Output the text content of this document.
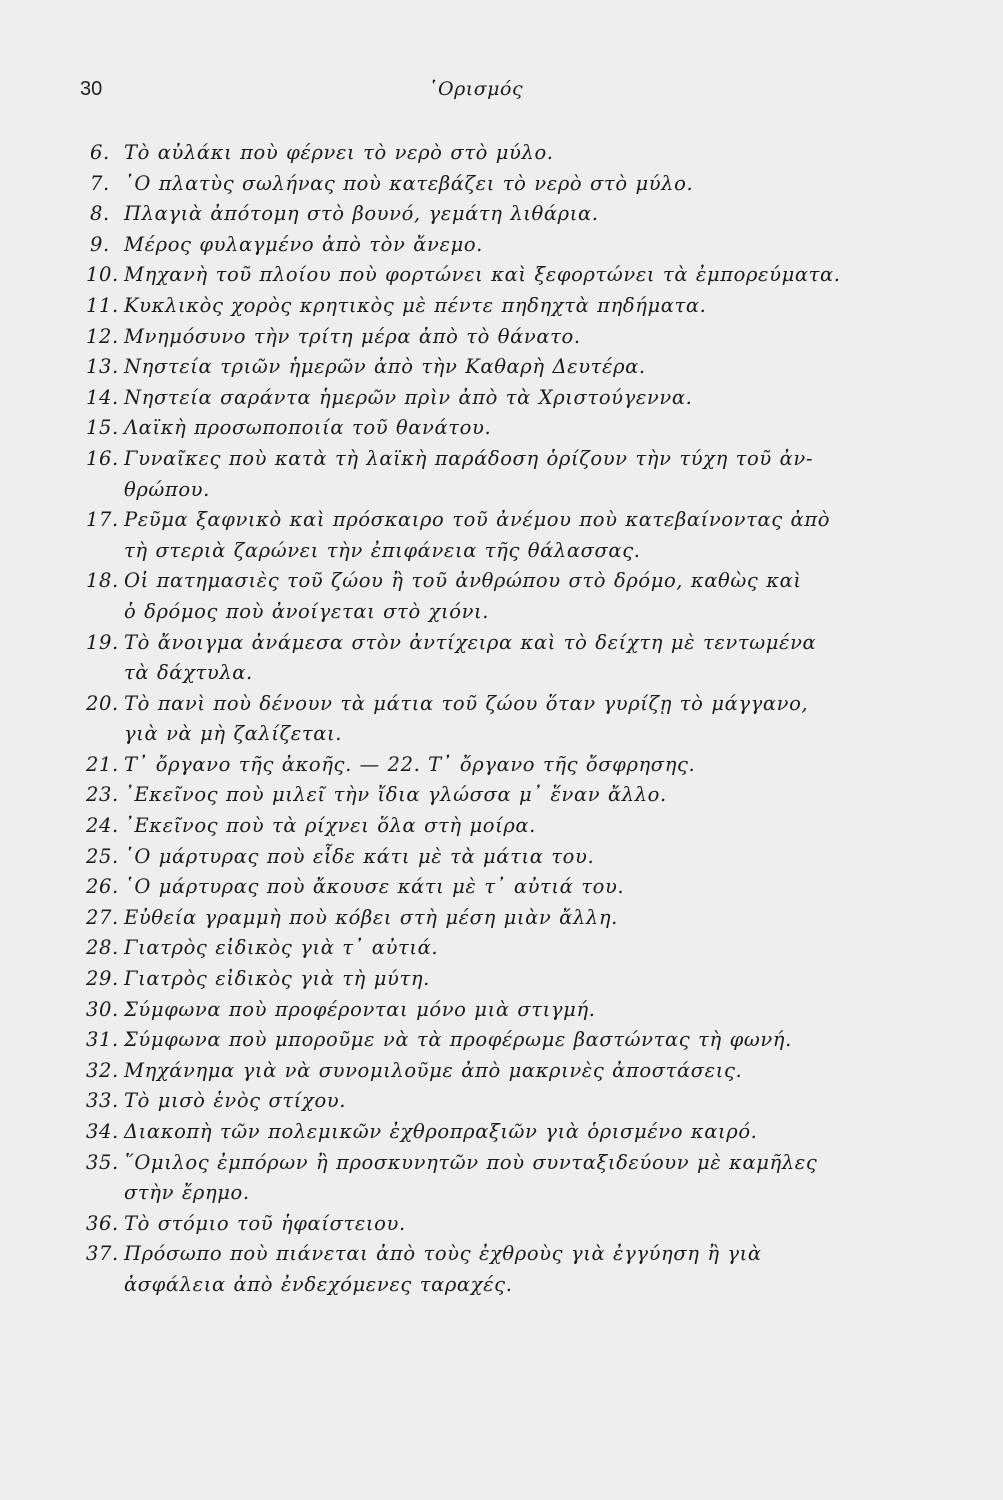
30	῾Ορισμός
6. Τὸ αὐλάκι ποὺ φέρνει τὸ νερὸ στὸ μύλο.
7. ῾Ο πλατὺς σωλήνας ποὺ κατεβάζει τὸ νερὸ στὸ μύλο.
8. Πλαγιὰ ἀπότομη στὸ βουνό, γεμάτη λιθάρια.
9. Μέρος φυλαγμένο ἀπὸ τὸν ἄνεμο.
10. Μηχανὴ τοῦ πλοίου ποὺ φορτώνει καὶ ξεφορτώνει τὰ ἐμπορεύματα.
11. Κυκλικὸς χορὸς κρητικὸς μὲ πέντε πηδηχτὰ πηδήματα.
12. Μνημόσυνο τὴν τρίτη μέρα ἀπὸ τὸ θάνατο.
13. Νηστεία τριῶν ἡμερῶν ἀπὸ τὴν Καθαρὴ Δευτέρα.
14. Νηστεία σαράντα ἡμερῶν πρὶν ἀπὸ τὰ Χριστούγεννα.
15. Λαϊκὴ προσωποποιία τοῦ θανάτου.
16. Γυναῖκες ποὺ κατὰ τὴ λαϊκὴ παράδοση ὁρίζουν τὴν τύχη τοῦ ἀν-
θρώπου.
17. Ρεῦμα ξαφνικὸ καὶ πρόσκαιρο τοῦ ἀνέμου ποὺ κατεβαίνοντας ἀπὸ
τὴ στεριὰ ζαρώνει τὴν ἐπιφάνεια τῆς θάλασσας.
18. Οἱ πατημασιὲς τοῦ ζώου ἢ τοῦ ἀνθρώπου στὸ δρόμο, καθὼς καὶ
ὁ δρόμος ποὺ ἀνοίγεται στὸ χιόνι.
19. Τὸ ἄνοιγμα ἀνάμεσα στὸν ἀντίχειρα καὶ τὸ δείχτη μὲ τεντωμένα
τὰ δάχτυλα.
20. Τὸ πανὶ ποὺ δένουν τὰ μάτια τοῦ ζώου ὅταν γυρίζῃ τὸ μάγγανο,
γιὰ νὰ μὴ ζαλίζεται.
21. Τ᾿ ὄργανο τῆς ἀκοῆς. — 22. Τ᾿ ὄργανο τῆς ὄσφρησης.
23. ᾿Εκεῖνος ποὺ μιλεῖ τὴν ἴδια γλώσσα μ᾿ ἕναν ἄλλο.
24. ᾿Εκεῖνος ποὺ τὰ ρίχνει ὅλα στὴ μοίρα.
25. ῾Ο μάρτυρας ποὺ εἶδε κάτι μὲ τὰ μάτια του.
26. ῾Ο μάρτυρας ποὺ ἄκουσε κάτι μὲ τ᾿ αὐτιά του.
27. Εὐθεία γραμμὴ ποὺ κόβει στὴ μέση μιὰν ἄλλη.
28. Γιατρὸς εἰδικὸς γιὰ τ᾿ αὐτιά.
29. Γιατρὸς εἰδικὸς γιὰ τὴ μύτη.
30. Σύμφωνα ποὺ προφέρονται μόνο μιὰ στιγμή.
31. Σύμφωνα ποὺ μποροῦμε νὰ τὰ προφέρωμε βαστώντας τὴ φωνή.
32. Μηχάνημα γιὰ νὰ συνομιλοῦμε ἀπὸ μακρινὲς ἀποστάσεις.
33. Τὸ μισὸ ἑνὸς στίχου.
34. Διακοπὴ τῶν πολεμικῶν ἐχθροπραξιῶν γιὰ ὁρισμένο καιρό.
35. ῞Ομιλος ἐμπόρων ἢ προσκυνητῶν ποὺ συνταξιδεύουν μὲ καμῆλες
στὴν ἔρημο.
36. Τὸ στόμιο τοῦ ἡφαίστειου.
37. Πρόσωπο ποὺ πιάνεται ἀπὸ τοὺς ἐχθροὺς γιὰ ἐγγύηση ἢ γιὰ
ἀσφάλεια ἀπὸ ἐνδεχόμενες ταραχές.
